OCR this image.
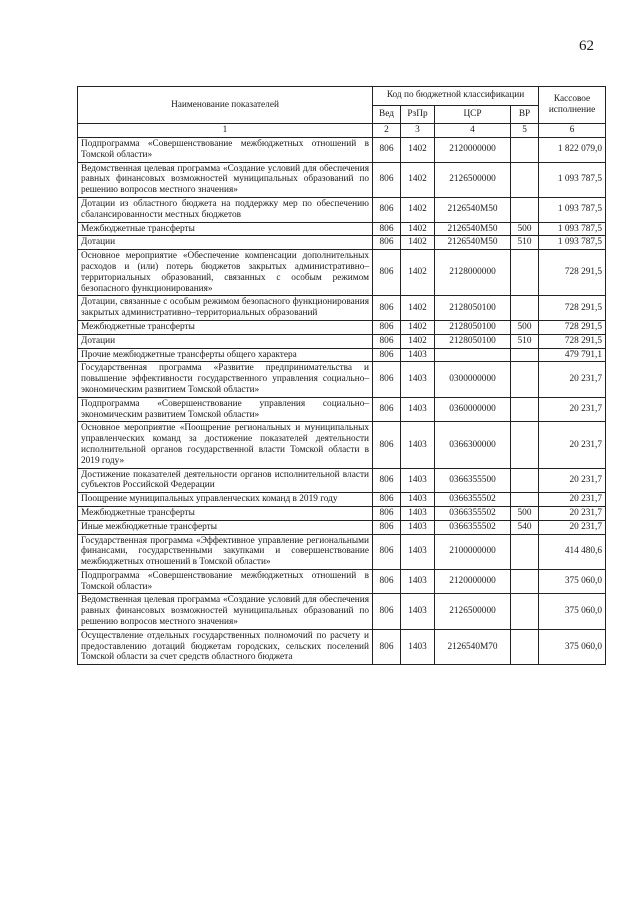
62
Наименование показателей	Код по бюджетной классификации				Кассовое исполнение
	Вед	РзПр	ЦСР	ВР	
1	2	3	4	5	6
Подпрограмма «Совершенствование межбюджетных отношений в Томской области»	806	1402	2120000000		1 822 079,0
Ведомственная целевая программа «Создание условий для обеспечения равных финансовых возможностей муниципальных образований по решению вопросов местного значения»	806	1402	2126500000		1 093 787,5
Дотации из областного бюджета на поддержку мер по обеспечению сбалансированности местных бюджетов	806	1402	2126540М50		1 093 787,5
Межбюджетные трансферты	806	1402	2126540М50	500	1 093 787,5
Дотации	806	1402	2126540М50	510	1 093 787,5
Основное мероприятие «Обеспечение компенсации дополнительных расходов и (или) потерь бюджетов закрытых административно–территориальных образований, связанных с особым режимом безопасного функционирования»	806	1402	2128000000		728 291,5
Дотации, связанные с особым режимом безопасного функционирования закрытых административно–территориальных образований	806	1402	2128050100		728 291,5
Межбюджетные трансферты	806	1402	2128050100	500	728 291,5
Дотации	806	1402	2128050100	510	728 291,5
Прочие межбюджетные трансферты общего характера	806	1403			479 791,1
Государственная программа «Развитие предпринимательства и повышение эффективности государственного управления социально–экономическим развитием Томской области»	806	1403	0300000000		20 231,7
Подпрограмма «Совершенствование управления социально–экономическим развитием Томской области»	806	1403	0360000000		20 231,7
Основное мероприятие «Поощрение региональных и муниципальных управленческих команд за достижение показателей деятельности исполнительной органов государственной власти Томской области в 2019 году»	806	1403	0366300000		20 231,7
Достижение показателей деятельности органов исполнительной власти субъектов Российской Федерации	806	1403	0366355500		20 231,7
Поощрение муниципальных управленческих команд в 2019 году	806	1403	0366355502		20 231,7
Межбюджетные трансферты	806	1403	0366355502	500	20 231,7
Иные межбюджетные трансферты	806	1403	0366355502	540	20 231,7
Государственная программа «Эффективное управление региональными финансами, государственными закупками и совершенствование межбюджетных отношений в Томской области»	806	1403	2100000000		414 480,6
Подпрограмма «Совершенствование межбюджетных отношений в Томской области»	806	1403	2120000000		375 060,0
Ведомственная целевая программа «Создание условий для обеспечения равных финансовых возможностей муниципальных образований по решению вопросов местного значения»	806	1403	2126500000		375 060,0
Осуществление отдельных государственных полномочий по расчету и предоставлению дотаций бюджетам городских, сельских поселений Томской области за счет средств областного бюджета	806	1403	2126540М70		375 060,0
